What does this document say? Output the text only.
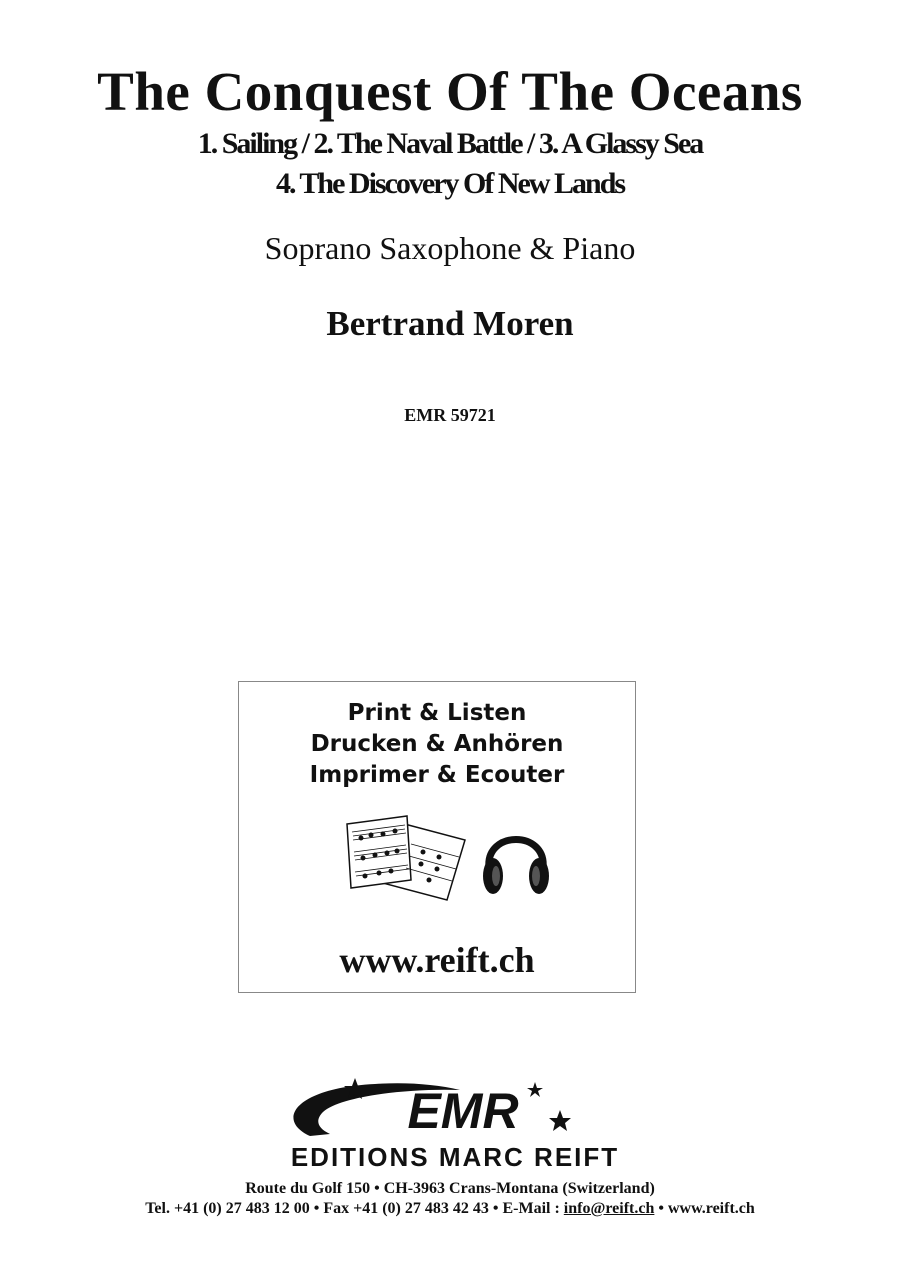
The Conquest Of The Oceans
1. Sailing / 2. The Naval Battle / 3. A Glassy Sea
4. The Discovery Of New Lands
Soprano Saxophone & Piano
Bertrand Moren
EMR 59721
Print & Listen
Drucken & Anhören
Imprimer & Ecouter
www.reift.ch
EMR
EDITIONS MARC REIFT
Route du Golf 150 • CH-3963 Crans-Montana (Switzerland)
Tel. +41 (0) 27 483 12 00 • Fax +41 (0) 27 483 42 43 • E-Mail : info@reift.ch • www.reift.ch
